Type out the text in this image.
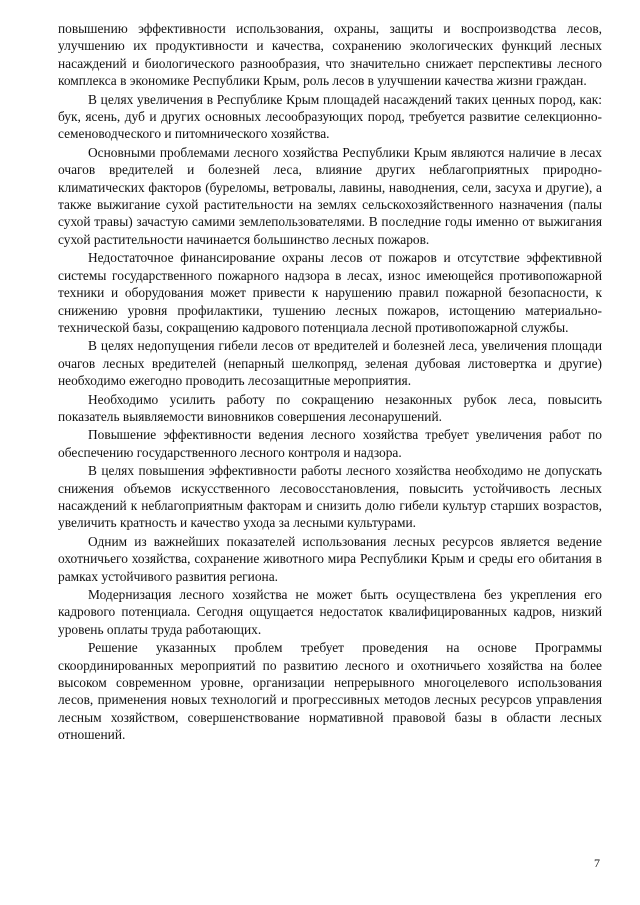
повышению эффективности использования, охраны, защиты и воспроизводства лесов, улучшению их продуктивности и качества, сохранению экологических функций лесных насаждений и биологического разнообразия, что значительно снижает перспективы лесного комплекса в экономике Республики Крым, роль лесов в улучшении качества жизни граждан.

В целях увеличения в Республике Крым площадей насаждений таких ценных пород, как: бук, ясень, дуб и других основных лесообразующих пород, требуется развитие селекционно-семеноводческого и питомнического хозяйства.

Основными проблемами лесного хозяйства Республики Крым являются наличие в лесах очагов вредителей и болезней леса, влияние других неблагоприятных природно-климатических факторов (буреломы, ветровалы, лавины, наводнения, сели, засуха и другие), а также выжигание сухой растительности на землях сельскохозяйственного назначения (палы сухой травы) зачастую самими землепользователями. В последние годы именно от выжигания сухой растительности начинается большинство лесных пожаров.

Недостаточное финансирование охраны лесов от пожаров и отсутствие эффективной системы государственного пожарного надзора в лесах, износ имеющейся противопожарной техники и оборудования может привести к нарушению правил пожарной безопасности, к снижению уровня профилактики, тушению лесных пожаров, истощению материально-технической базы, сокращению кадрового потенциала лесной противопожарной службы.

В целях недопущения гибели лесов от вредителей и болезней леса, увеличения площади очагов лесных вредителей (непарный шелкопряд, зеленая дубовая листовертка и другие) необходимо ежегодно проводить лесозащитные мероприятия.

Необходимо усилить работу по сокращению незаконных рубок леса, повысить показатель выявляемости виновников совершения лесонарушений.

Повышение эффективности ведения лесного хозяйства требует увеличения работ по обеспечению государственного лесного контроля и надзора.

В целях повышения эффективности работы лесного хозяйства необходимо не допускать снижения объемов искусственного лесовосстановления, повысить устойчивость лесных насаждений к неблагоприятным факторам и снизить долю гибели культур старших возрастов, увеличить кратность и качество ухода за лесными культурами.

Одним из важнейших показателей использования лесных ресурсов является ведение охотничьего хозяйства, сохранение животного мира Республики Крым и среды его обитания в рамках устойчивого развития региона.

Модернизация лесного хозяйства не может быть осуществлена без укрепления его кадрового потенциала. Сегодня ощущается недостаток квалифицированных кадров, низкий уровень оплаты труда работающих.

Решение указанных проблем требует проведения на основе Программы скоординированных мероприятий по развитию лесного и охотничьего хозяйства на более высоком современном уровне, организации непрерывного многоцелевого использования лесов, применения новых технологий и прогрессивных методов лесных ресурсов управления лесным хозяйством, совершенствование нормативной правовой базы в области лесных отношений.

7
